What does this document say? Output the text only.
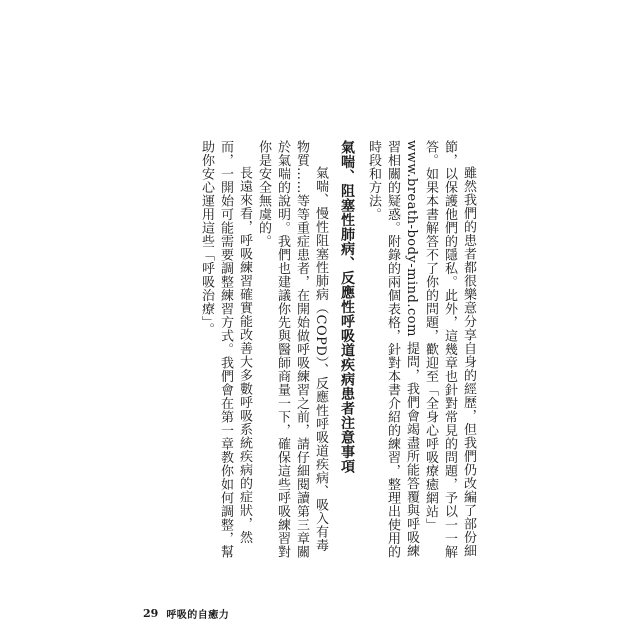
雖然我們的患者都很樂意分享自身的經歷，但我們仍改編了部份細節，以保護他們的隱私。此外，這幾章也針對常見的問題，予以一一解答。如果本書解答不了你的問題，歡迎至「全身心呼吸療癒網站」www.breath-body-mind.com 提問，我們會竭盡所能答覆與呼吸練習相關的疑惑。附錄的兩個表格，針對本書介紹的練習，整理出使用的時段和方法。

氣喘、阻塞性肺病、反應性呼吸道疾病患者注意事項

氣喘、慢性阻塞性肺病（COPD）、反應性呼吸道疾病、吸入有毒物質……等等重症患者，在開始做呼吸練習之前，請仔細閱讀第三章關於氣喘的說明。我們也建議你先與醫師商量一下，確保這些呼吸練習對你是安全無虞的。

長遠來看，呼吸練習確實能改善大多數呼吸系統疾病的症狀，然而，一開始可能需要調整練習方式。我們會在第一章教你如何調整，幫助你安心運用這些「呼吸治療」。

29 呼吸的自癒力
